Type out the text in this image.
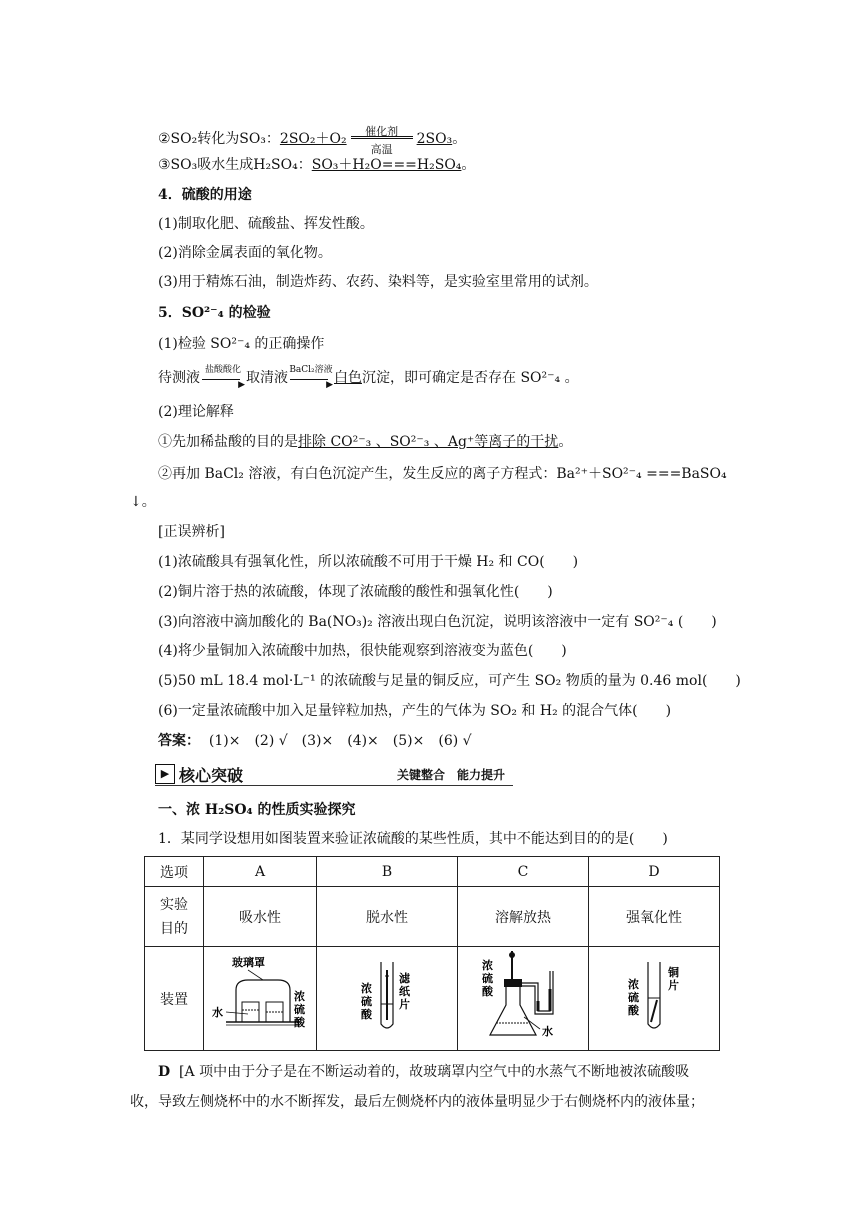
②SO₂转化为SO₃：2SO₂＋O₂	催化剂
高温
2SO₃。
③SO₃吸水生成H₂SO₄：SO₃＋H₂O===H₂SO₄。
4．硫酸的用途
(1)制取化肥、硫酸盐、挥发性酸。
(2)消除金属表面的氧化物。
(3)用于精炼石油，制造炸药、农药、染料等，是实验室里常用的试剂。
5．SO²⁻₄ 的检验
(1)检验 SO²⁻₄ 的正确操作
待测液 盐酸酸化
▶ 取清液 BaCl₂溶液
▶ 白色沉淀，即可确定是否存在 SO²⁻₄ 。
(2)理论解释
①先加稀盐酸的目的是排除 CO²⁻₃ 、SO²⁻₃ 、Ag⁺等离子的干扰。
②再加 BaCl₂ 溶液，有白色沉淀产生，发生反应的离子方程式：Ba²⁺＋SO²⁻₄ ===BaSO₄
↓。
[正误辨析]
(1)浓硫酸具有强氧化性，所以浓硫酸不可用于干燥 H₂ 和 CO(　　)
(2)铜片溶于热的浓硫酸，体现了浓硫酸的酸性和强氧化性(　　)
(3)向溶液中滴加酸化的 Ba(NO₃)₂ 溶液出现白色沉淀，说明该溶液中一定有 SO²⁻₄ (　　)
(4)将少量铜加入浓硫酸中加热，很快能观察到溶液变为蓝色(　　)
(5)50 mL 18.4 mol·L⁻¹ 的浓硫酸与足量的铜反应，可产生 SO₂ 物质的量为 0.46 mol(　　)
(6)一定量浓硫酸中加入足量锌粒加热，产生的气体为 SO₂ 和 H₂ 的混合气体(　　)
答案： (1)×　(2) √　(3)×　(4)×　(5)×　(6) √
▶ 核心突破	关键整合　能力提升
一、浓 H₂SO₄ 的性质实验探究
1．某同学设想用如图装置来验证浓硫酸的某些性质，其中不能达到目的的是(　　)
选项	A	B	C	D
实验
目的	吸水性	脱水性	溶解放热	强氧化性
装置	玻璃罩
水
浓硫酸	浓硫酸
滤纸片	水
浓硫酸	浓硫酸
铜片
D [A 项中由于分子是在不断运动着的，故玻璃罩内空气中的水蒸气不断地被浓硫酸吸
收，导致左侧烧杯中的水不断挥发，最后左侧烧杯内的液体量明显少于右侧烧杯内的液体量；
